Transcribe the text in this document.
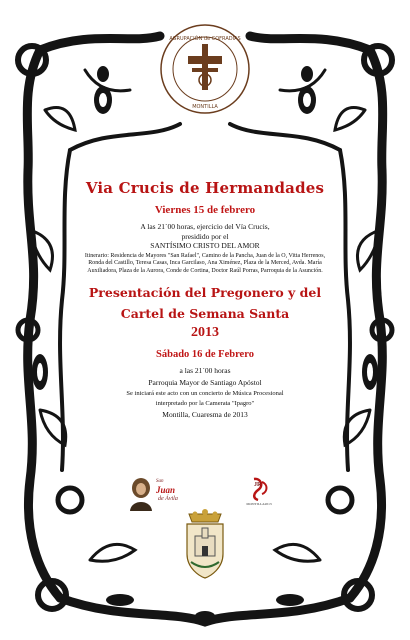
AGRUPACIÓN de COFRADÍAS
MONTILLA
Via Crucis de Hermandades
Viernes 15 de febrero
A las 21´00 horas, ejercicio del Vía Crucis,
presidido por el
SANTÍSIMO CRISTO DEL AMOR
Itinerario: Residencia de Mayores "San Rafael", Camino de la Pancha, Juan de la O, Vitta Herrenos, Ronda del Castillo, Teresa Casas, Inca Garcilaso, Ana Ximénez, Plaza de la Merced, Avda. María Auxiliadora, Plaza de la Aurora, Conde de Cortina, Doctor Raúl Porras, Parroquia de la Asunción.
Presentación del Pregonero y del
Cartel de Semana Santa
2013
Sábado 16 de Febrero
a las 21´00 horas
Parroquia Mayor de Santiago Apóstol
Se iniciará este acto con un concierto de Música Procesional
interpretado por la Camerata "Ipagro"
Montilla, Cuaresma de 2013
San
Juan
de Ávila
JR
MONTILLA2013
